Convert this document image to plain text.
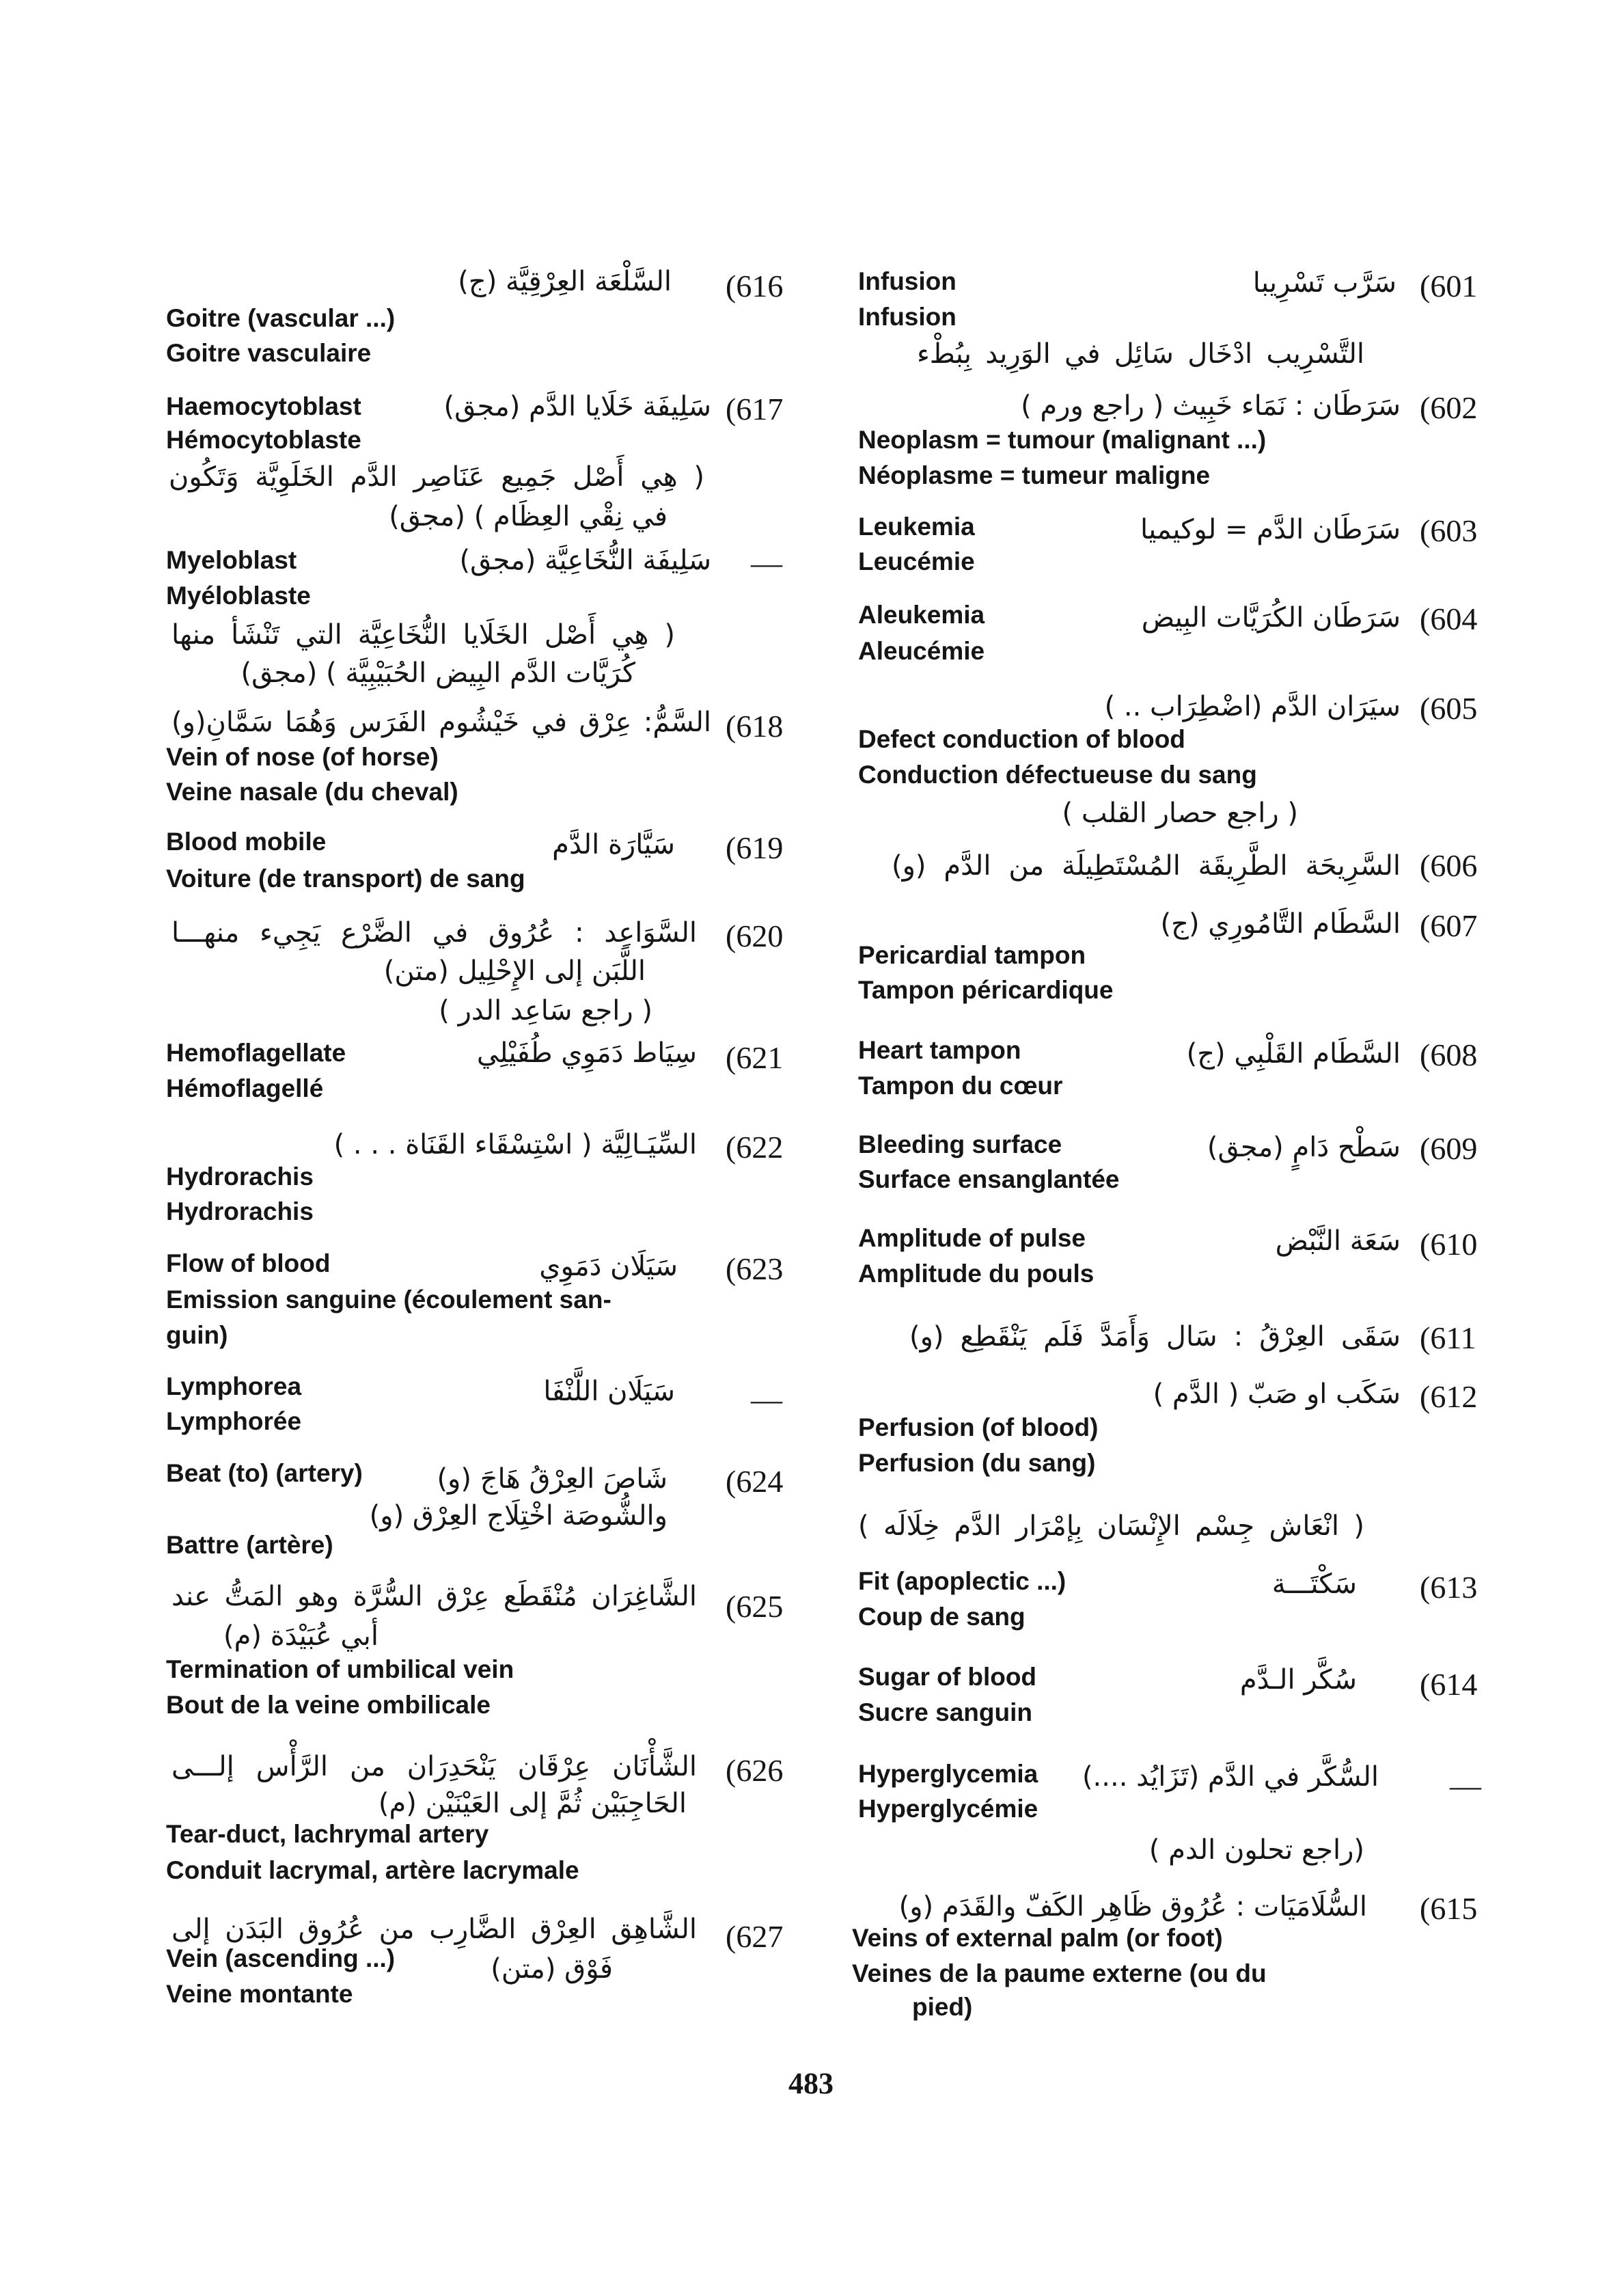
(601
سَرَّب تَسْرِيبا
Infusion
Infusion
التَّسْرِيب ادْخَال سَائِل في الوَرِيد بِبُطْء
(602
سَرَطَان : نَمَاء خَبِيث ( راجع ورم )
Neoplasm = tumour (malignant ...)
Néoplasme = tumeur maligne
(603
سَرَطَان الدَّم = لوكيميا
Leukemia
Leucémie
(604
سَرَطَان الكُرَيَّات البِيض
Aleukemia
Aleucémie
(605
سيَرَان الدَّم (اضْطِرَاب .. )
Defect conduction of blood
Conduction défectueuse du sang
( راجع حصار القلب )
(606
السَّرِيحَة الطَّرِيقَة المُسْتَطِيلَة من الدَّم (و)
(607
السَّطَام التَّامُورِي (ج)
Pericardial tampon
Tampon péricardique
(608
السَّطَام القَلْبِي (ج)
Heart tampon
Tampon du cœur
(609
سَطْح دَامٍ (مجق)
Bleeding surface
Surface ensanglantée
(610
سَعَة النَّبْض
Amplitude of pulse
Amplitude du pouls
(611
سَقَى العِرْقُ : سَال وَأَمَدَّ فَلَم يَنْقَطِع (و)
(612
سَكَب او صَبّ ( الدَّم )
Perfusion (of blood)
Perfusion (du sang)
( انْعَاش جِسْم الإِنْسَان بِإمْرَار الدَّم خِلَالَه )
(613
سَكْتَـــة
Fit (apoplectic ...)
Coup de sang
(614
سُكَّر الـدَّم
Sugar of blood
Sucre sanguin
—
السُّكَّر في الدَّم (تَزَايُد ....)
Hyperglycemia
Hyperglycémie
(راجع تحلون الدم )
(615
السُّلَامَيَات : عُرُوق ظَاهِر الكَفّ والقَدَم (و)
Veins of external palm (or foot)
Veines de la paume externe (ou du
pied)
(616
السَّلْعَة العِرْقِيَّة (ج)
Goitre (vascular ...)
Goitre vasculaire
(617
سَلِيفَة خَلَايا الدَّم (مجق)
Haemocytoblast
Hémocytoblaste
( هِي أَصْل جَمِيع عَنَاصِر الدَّم الخَلَوِيَّة وَتَكُون
في نِقْي العِظَام ) (مجق)
—
سَلِيفَة النُّخَاعِيَّة (مجق)
Myeloblast
Myéloblaste
( هِي أَصْل الخَلَايا النُّخَاعِيَّة التي تَنْشَأ منها
كُرَيَّات الدَّم البِيض الحُبَيْبِيَّة ) (مجق)
(618
السَّمُّ: عِرْق في خَيْشُوم الفَرَس وَهُمَا سَمَّانِ(و)
Vein of nose (of horse)
Veine nasale (du cheval)
(619
سَيَّارَة الدَّم
Blood mobile
Voiture (de transport) de sang
(620
السَّوَاعِد : عُرُوق في الضَّرْع يَجِيء منهـــا
اللَّبَن إلى الإِحْلِيل (متن)
( راجع سَاعِد الدر )
(621
سِيَاط دَمَوِي طُفَيْلِي
Hemoflagellate
Hémoflagellé
(622
السِّيَـالِيَّة ( اسْتِسْقَاء القَنَاة . . . )
Hydrorachis
Hydrorachis
(623
سَيَلَان دَمَوِي
Flow of blood
Emission sanguine (écoulement san-
guin)
—
سَيَلَان اللَّنْفَا
Lymphorea
Lymphorée
(624
شَاصَ العِرْقُ هَاجَ (و)
Beat (to) (artery)
والشُّوصَة اخْتِلَاج العِرْق (و)
Battre (artère)
(625
الشَّاغِرَان مُنْقَطَع عِرْق السُّرَّة وهو المَتُّ عند
أبي عُبَيْدَة (م)
Termination of umbilical vein
Bout de la veine ombilicale
(626
الشَّأْنَان عِرْقَان يَنْحَدِرَان من الرَّأْس إلـــى
الحَاجِبَيْن ثُمَّ إلى العَيْنَيْن (م)
Tear-duct, lachrymal artery
Conduit lacrymal, artère lacrymale
(627
الشَّاهِق العِرْق الضَّارِب من عُرُوق البَدَن إلى
Vein (ascending ...)	فَوْق (متن)
Veine montante
483
